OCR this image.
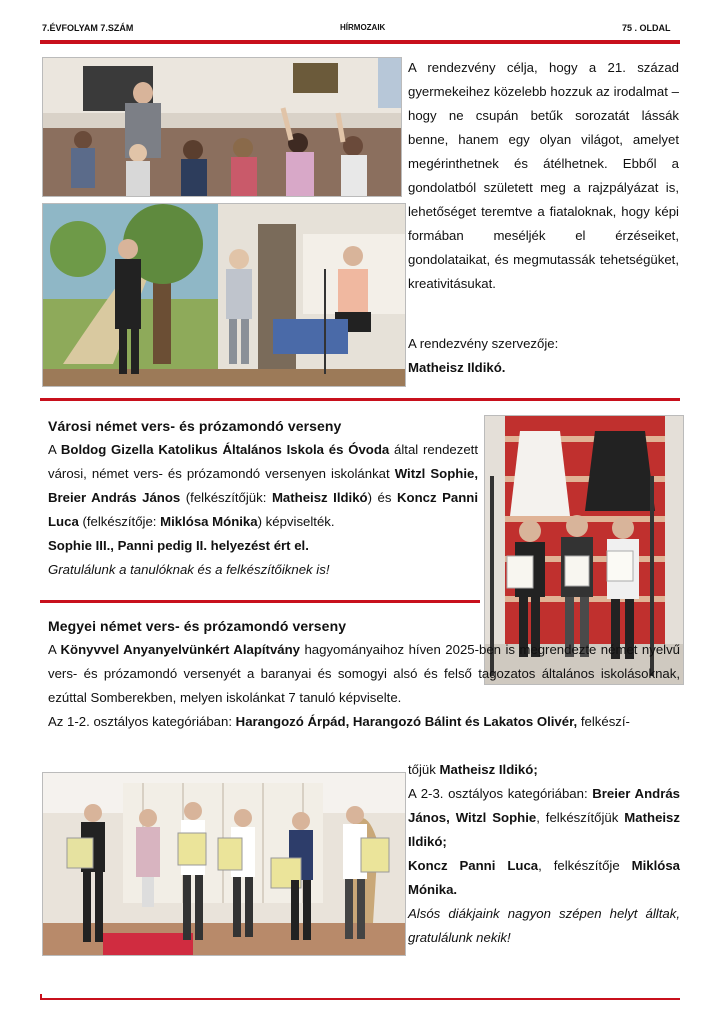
7.ÉVFOLYAM 7.SZÁM	HÍRMOZAIK	75 . OLDAL
A rendezvény célja, hogy a 21. század gyermekeihez közelebb hozzuk az irodalmat – hogy ne csupán betűk sorozatát lássák benne, hanem egy olyan világot, amelyet megérinthetnek és átélhetnek. Ebből a gondolatból született meg a rajzpályázat is, lehetőséget teremtve a fiataloknak, hogy képi formában meséljék el érzéseiket, gondolataikat, és megmutassák tehetségüket, kreativitásukat.
A rendezvény szervezője:
Matheisz Ildikó.
Városi német vers- és prózamondó verseny

A Boldog Gizella Katolikus Általános Iskola és Óvoda által rendezett városi, német vers- és prózamondó versenyen iskolánkat Witzl Sophie, Breier András János (felkészítőjük: Matheisz Ildikó) és Koncz Panni Luca (felkészítője: Miklósa Mónika) képviselték.

Sophie III., Panni pedig II. helyezést ért el.

Gratulálunk a tanulóknak és a felkészítőiknek is!

Megyei német vers- és prózamondó verseny

A Könyvvel Anyanyelvünkért Alapítvány hagyományaihoz híven 2025-ben is megrendezte német nyelvű vers- és prózamondó versenyét a baranyai és somogyi alsó és felső tagozatos általános iskolásoknak, ezúttal Somberekben, melyen iskolánkat 7 tanuló képviselte.

Az 1-2. osztályos kategóriában: Harangozó Árpád, Harangozó Bálint és Lakatos Olivér, felkészí-

tőjük Matheisz Ildikó;

A 2-3. osztályos kategóriában: Breier András János, Witzl Sophie, felkészítőjük Matheisz Ildikó;

Koncz Panni Luca, felkészítője Miklósa Mónika.

Alsós diákjaink nagyon szépen helyt álltak, gratulálunk nekik!
